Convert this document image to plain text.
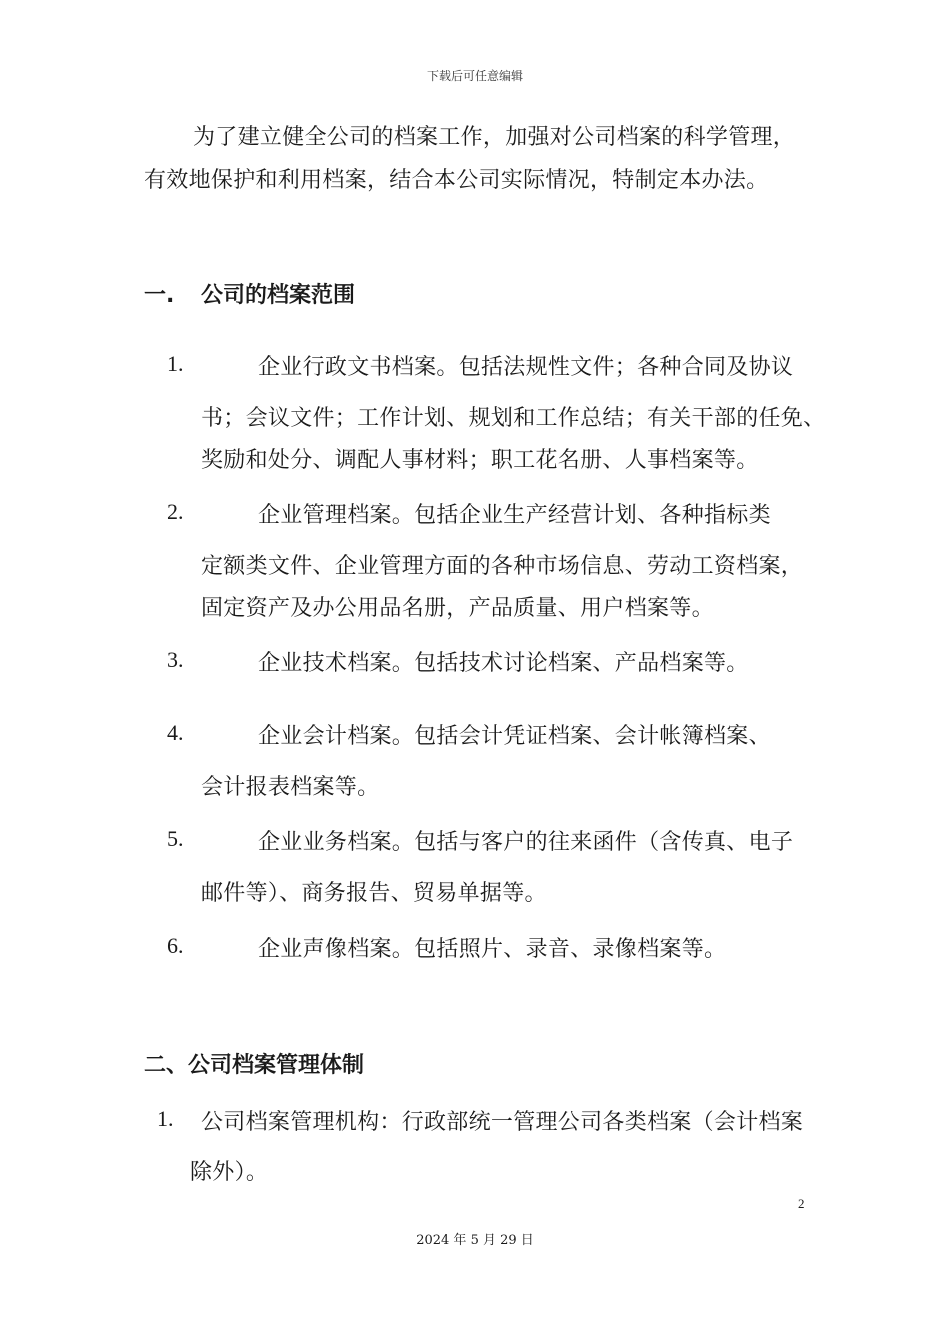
下载后可任意编辑
为了建立健全公司的档案工作，加强对公司档案的科学管理，
有效地保护和利用档案，结合本公司实际情况，特制定本办法。
一. 公司的档案范围
1.	企业行政文书档案。包括法规性文件；各种合同及协议
书；会议文件；工作计划、规划和工作总结；有关干部的任免、
奖励和处分、调配人事材料；职工花名册、人事档案等。
2.	企业管理档案。包括企业生产经营计划、各种指标类
定额类文件、企业管理方面的各种市场信息、劳动工资档案，
固定资产及办公用品名册，产品质量、用户档案等。
3.	企业技术档案。包括技术讨论档案、产品档案等。
4.	企业会计档案。包括会计凭证档案、会计帐簿档案、
会计报表档案等。
5.	企业业务档案。包括与客户的往来函件（含传真、电子
邮件等）、商务报告、贸易单据等。
6.	企业声像档案。包括照片、录音、录像档案等。
二、公司档案管理体制
1. 公司档案管理机构：行政部统一管理公司各类档案（会计档案
除外）。
2
2024 年 5 月 29 日
